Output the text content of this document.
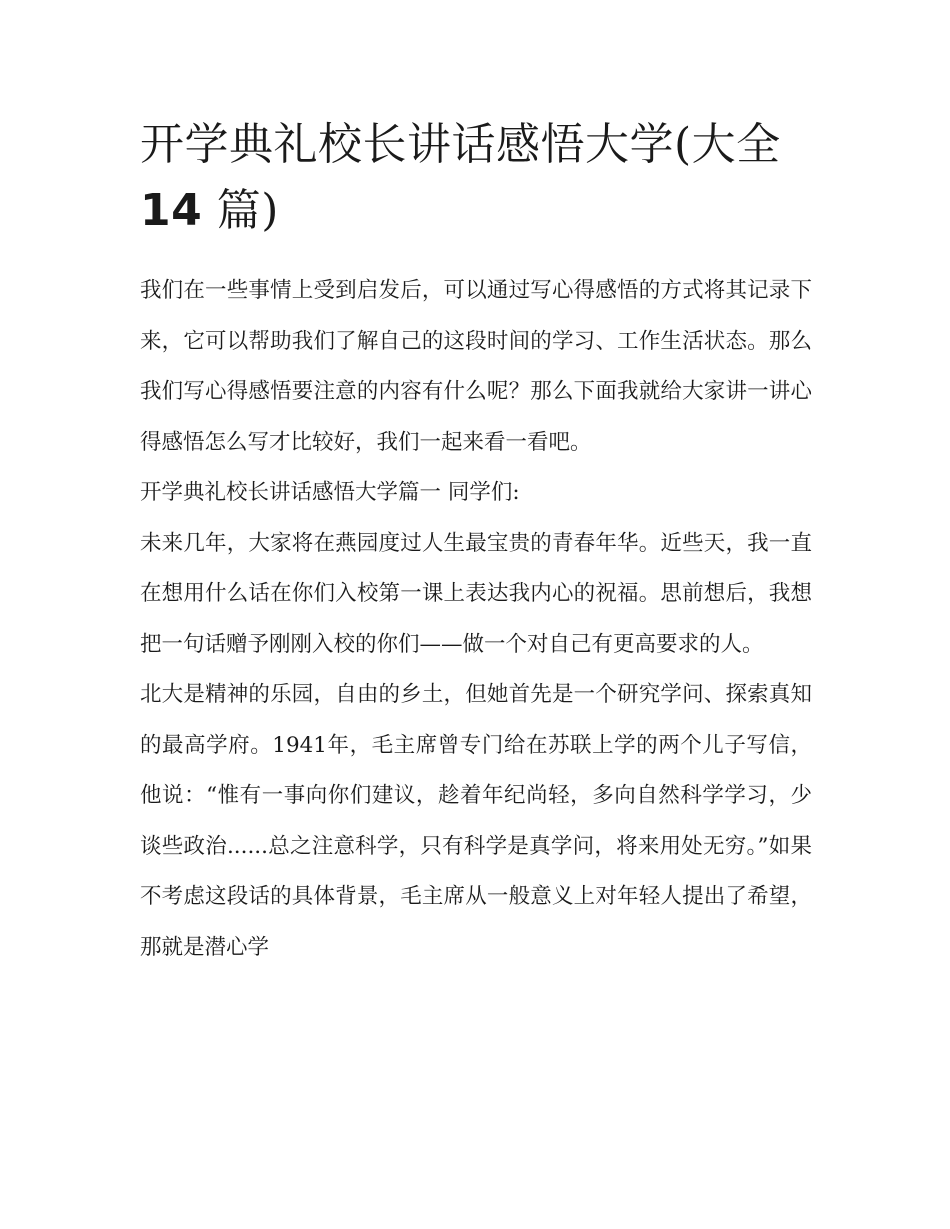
开学典礼校长讲话感悟大学(大全 14 篇)

我们在一些事情上受到启发后，可以通过写心得感悟的方式将其记录下来，它可以帮助我们了解自己的这段时间的学习、工作生活状态。那么我们写心得感悟要注意的内容有什么呢？那么下面我就给大家讲一讲心得感悟怎么写才比较好，我们一起来看一看吧。

开学典礼校长讲话感悟大学篇一 同学们:

未来几年，大家将在燕园度过人生最宝贵的青春年华。近些天，我一直在想用什么话在你们入校第一课上表达我内心的祝福。思前想后，我想把一句话赠予刚刚入校的你们——做一个对自己有更高要求的人。

北大是精神的乐园，自由的乡土，但她首先是一个研究学问、探索真知的最高学府。1941年，毛主席曾专门给在苏联上学的两个儿子写信，他说：“惟有一事向你们建议，趁着年纪尚轻，多向自然科学学习，少谈些政治......总之注意科学，只有科学是真学问，将来用处无穷。”如果不考虑这段话的具体背景，毛主席从一般意义上对年轻人提出了希望，那就是潜心学
